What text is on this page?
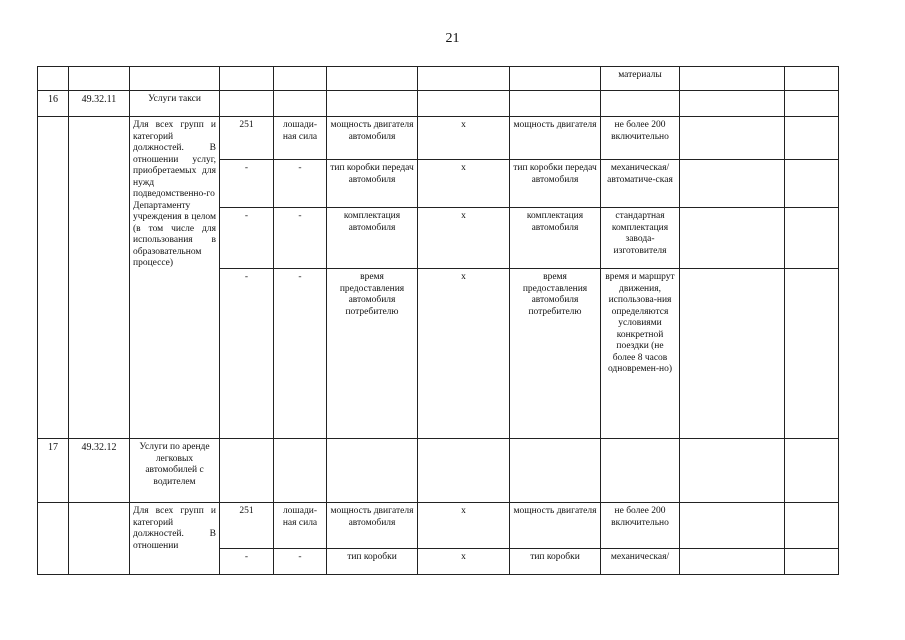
21
								материалы		
16	49.32.11	Услуги такси								
		Для всех групп и категорий должностей. В отношении услуг, приобретаемых для нужд подведомственно-го Департаменту учреждения в целом (в том числе для использования в образовательном процессе)	251	лошади-ная сила	мощность двигателя автомобиля	х	мощность двигателя	не более 200 включительно		
			-	-	тип коробки передач автомобиля	х	тип коробки передач автомобиля	механическая/ автоматиче-ская		
			-	-	комплектация автомобиля	х	комплектация автомобиля	стандартная комплектация завода-изготовителя		
			-	-	время предоставления автомобиля потребителю	х	время предоставления автомобиля потребителю	время и маршрут движения, использова-ния определяются условиями конкретной поездки (не более 8 часов одновремен-но)		
17	49.32.12	Услуги по аренде легковых автомобилей с водителем								
		Для всех групп и категорий должностей. В отношении	251	лошади-ная сила	мощность двигателя автомобиля	х	мощность двигателя	не более 200 включительно		
			-	-	тип коробки	х	тип коробки	механическая/		
